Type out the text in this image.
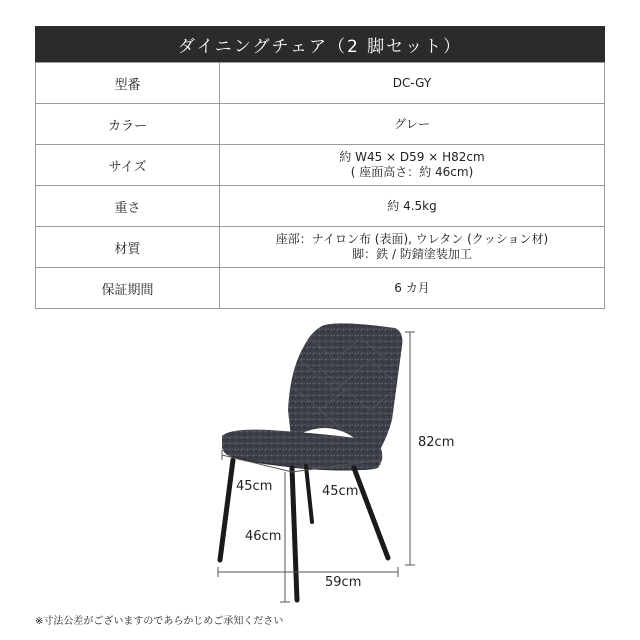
ダイニングチェア（2 脚セット）
型番	DC-GY

カラー	グレー

サイズ	約 W45 × D59 × H82cm
( 座面高さ：約 46cm)

重さ	約 4.5kg

材質	座部：ナイロン布 (表面), ウレタン (クッション材)
脚：鉄 / 防錆塗装加工

保証期間	6 カ月
82cm
45cm	45cm
46cm
59cm
※寸法公差がございますのであらかじめご承知ください
